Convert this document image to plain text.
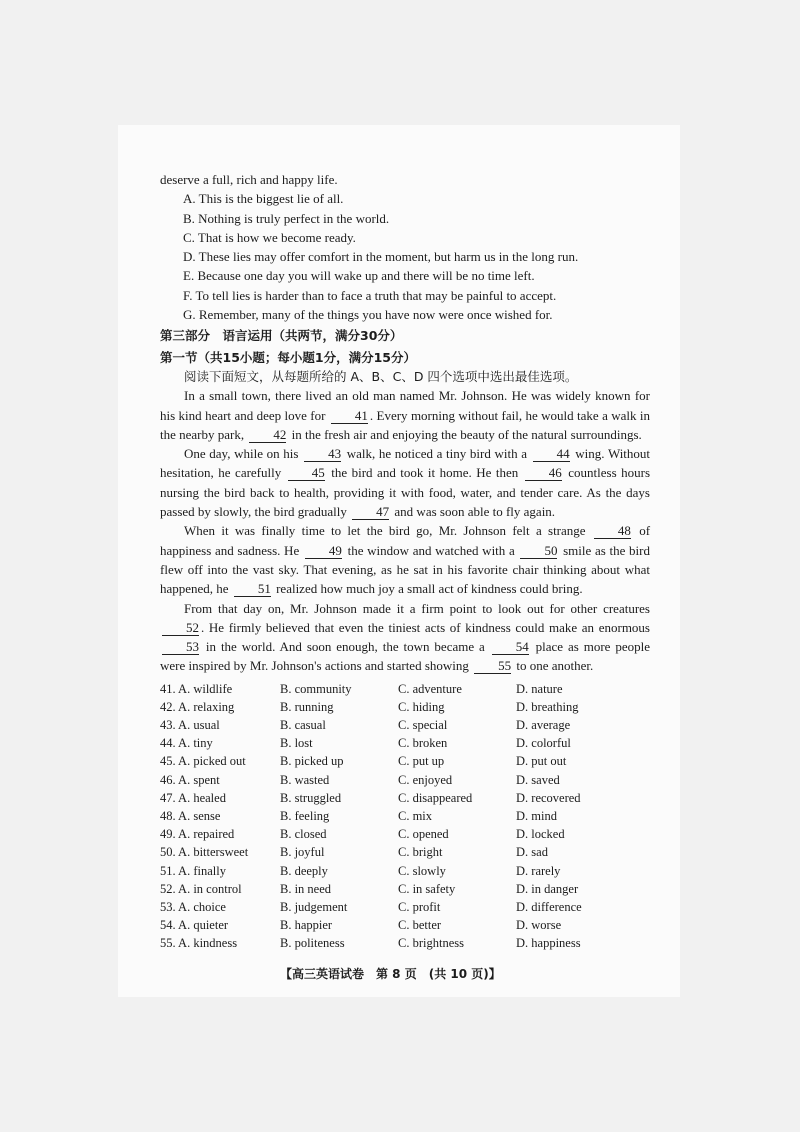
deserve a full, rich and happy life.
A. This is the biggest lie of all.
B. Nothing is truly perfect in the world.
C. That is how we become ready.
D. These lies may offer comfort in the moment, but harm us in the long run.
E. Because one day you will wake up and there will be no time left.
F. To tell lies is harder than to face a truth that may be painful to accept.
G. Remember, many of the things you have now were once wished for.
第三部分　语言运用（共两节，满分30分）
第一节（共15小题；每小题1分，满分15分）
阅读下面短文，从每题所给的 A、B、C、D 四个选项中选出最佳选项。
In a small town, there lived an old man named Mr. Johnson. He was widely known for his kind heart and deep love for 41 . Every morning without fail, he would take a walk in the nearby park, 42 in the fresh air and enjoying the beauty of the natural surroundings.
One day, while on his 43 walk, he noticed a tiny bird with a 44 wing. Without hesitation, he carefully 45 the bird and took it home. He then 46 countless hours nursing the bird back to health, providing it with food, water, and tender care. As the days passed by slowly, the bird gradually 47 and was soon able to fly again.
When it was finally time to let the bird go, Mr. Johnson felt a strange 48 of happiness and sadness. He 49 the window and watched with a 50 smile as the bird flew off into the vast sky. That evening, as he sat in his favorite chair thinking about what happened, he 51 realized how much joy a small act of kindness could bring.
From that day on, Mr. Johnson made it a firm point to look out for other creatures 52 . He firmly believed that even the tiniest acts of kindness could make an enormous 53 in the world. And soon enough, the town became a 54 place as more people were inspired by Mr. Johnson's actions and started showing 55 to one another.
41. A. wildlife	B. community	C. adventure	D. nature
42. A. relaxing	B. running	C. hiding	D. breathing
43. A. usual	B. casual	C. special	D. average
44. A. tiny	B. lost	C. broken	D. colorful
45. A. picked out	B. picked up	C. put up	D. put out
46. A. spent	B. wasted	C. enjoyed	D. saved
47. A. healed	B. struggled	C. disappeared	D. recovered
48. A. sense	B. feeling	C. mix	D. mind
49. A. repaired	B. closed	C. opened	D. locked
50. A. bittersweet	B. joyful	C. bright	D. sad
51. A. finally	B. deeply	C. slowly	D. rarely
52. A. in control	B. in need	C. in safety	D. in danger
53. A. choice	B. judgement	C. profit	D. difference
54. A. quieter	B. happier	C. better	D. worse
55. A. kindness	B. politeness	C. brightness	D. happiness
【高三英语试卷　第 8 页　(共 10 页)】
